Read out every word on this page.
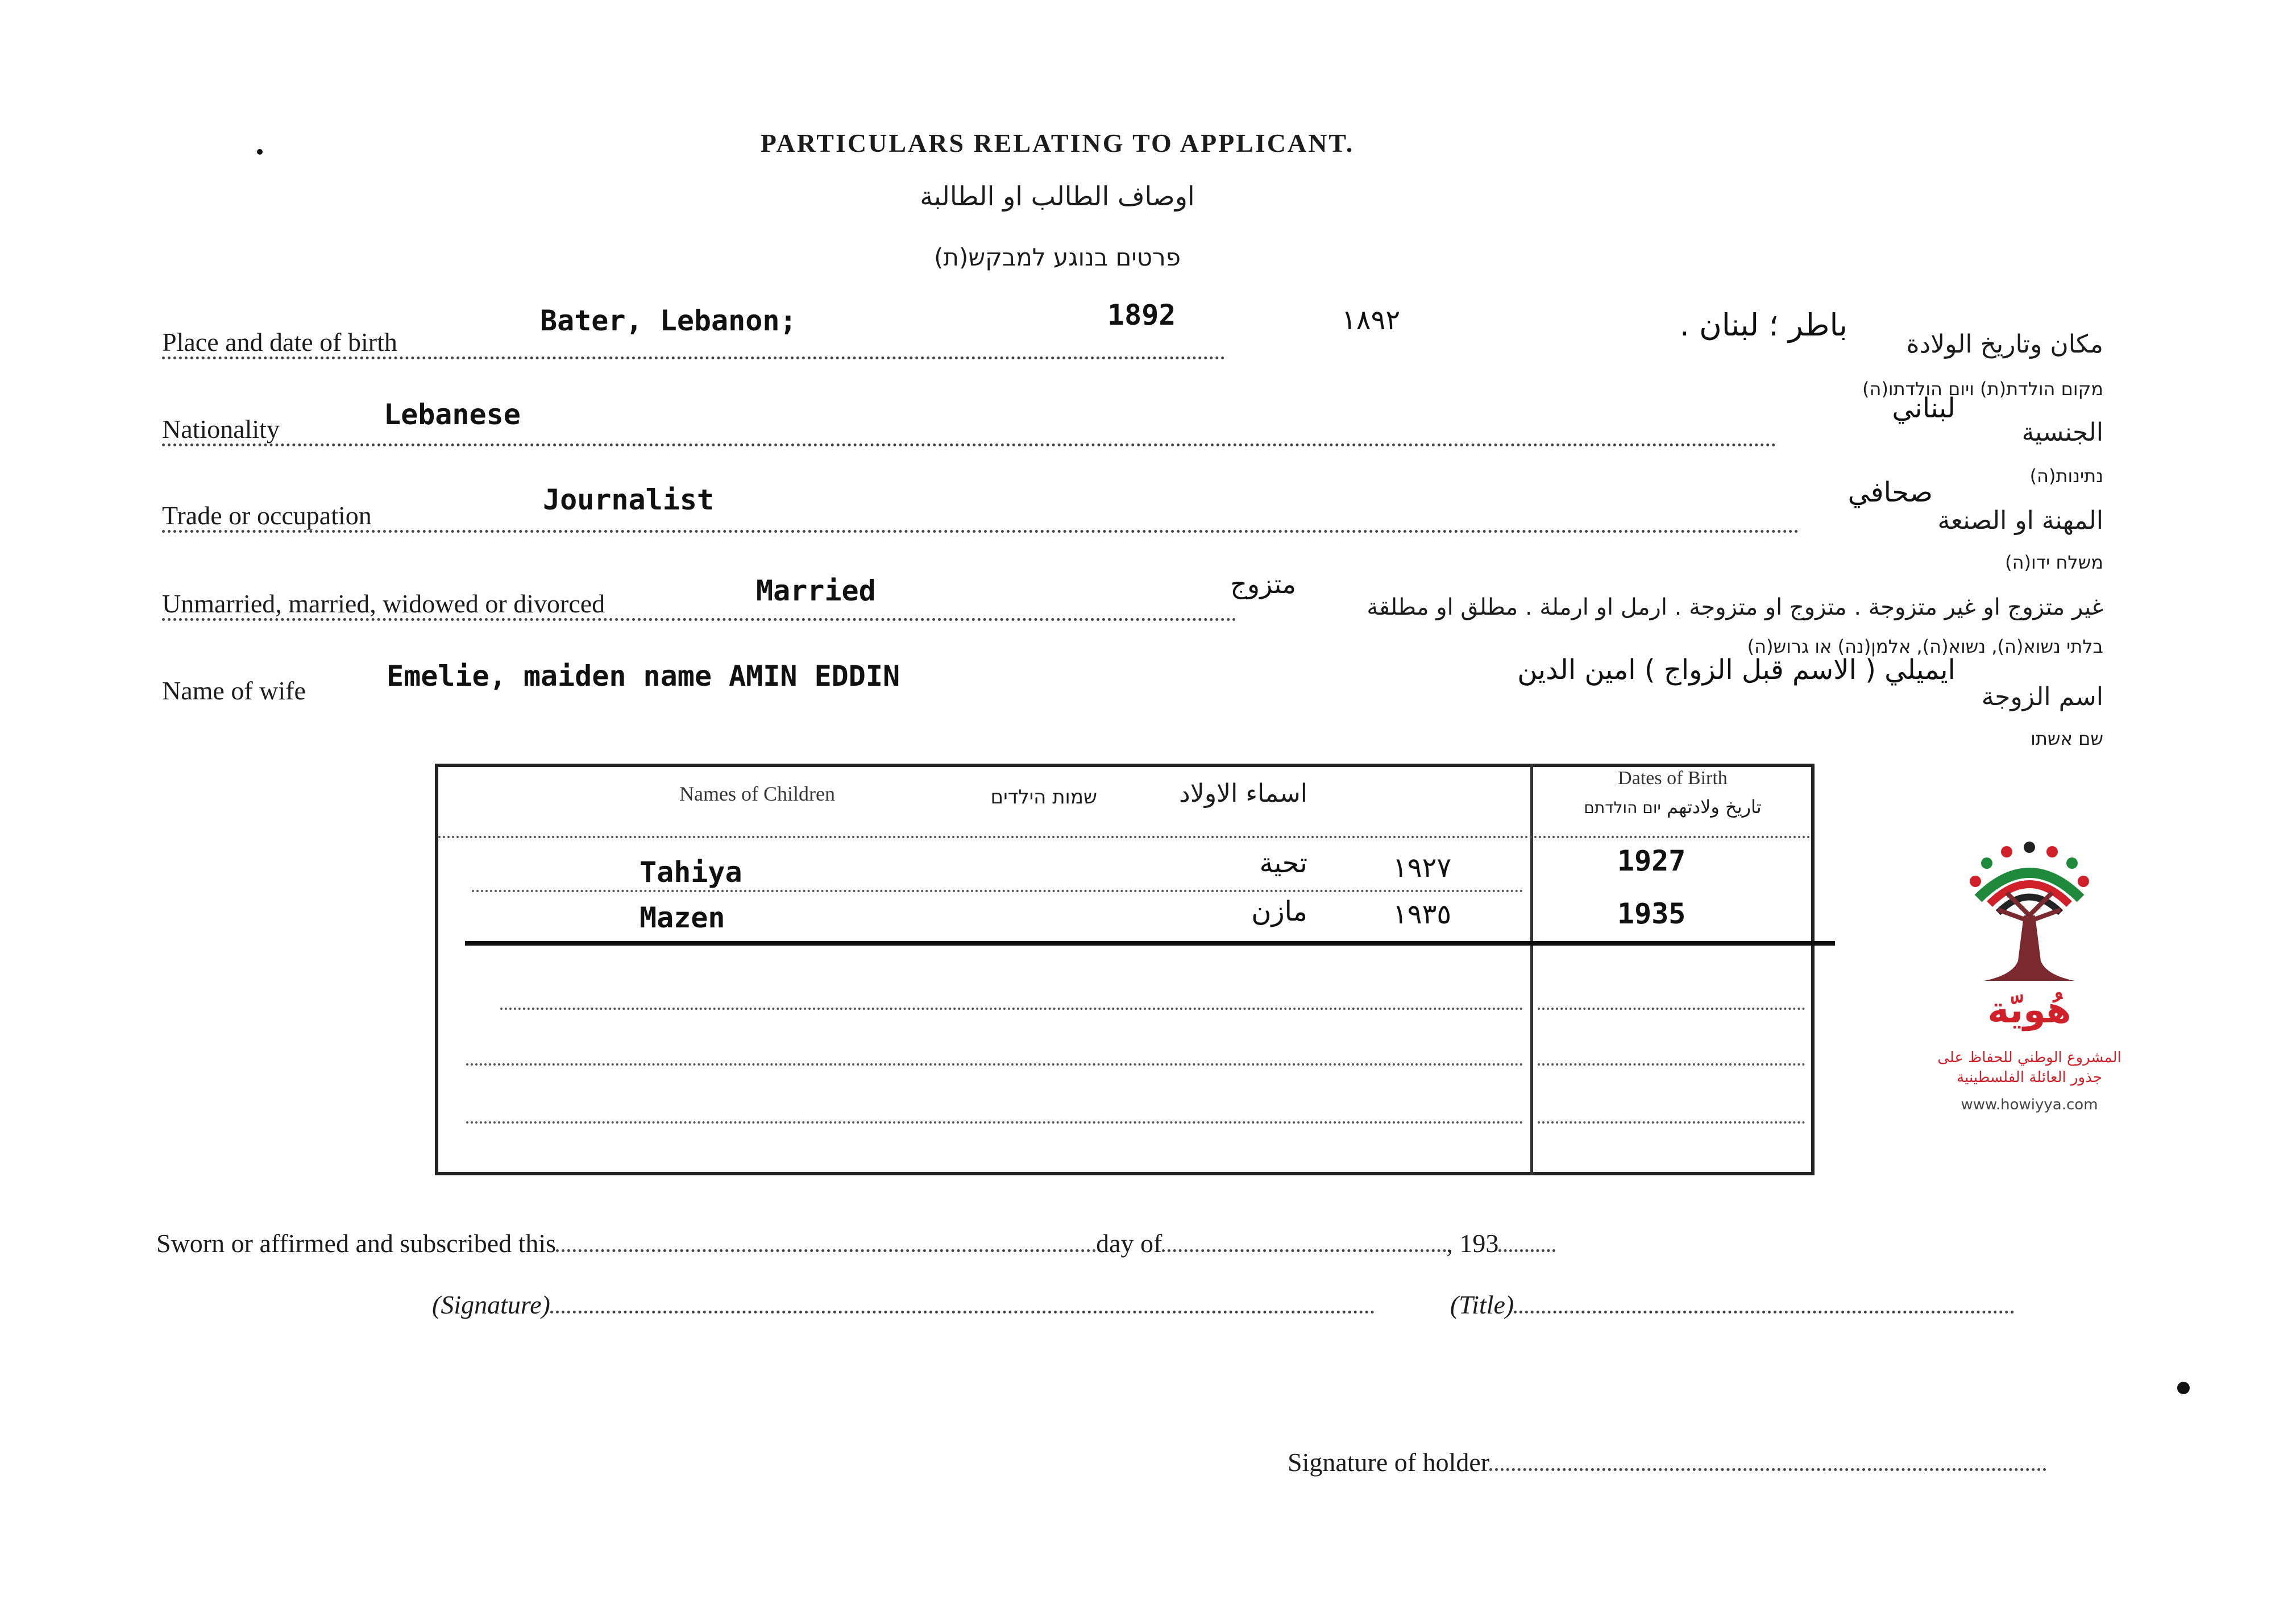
PARTICULARS RELATING TO APPLICANT.
اوصاف الطالب او الطالبة
פרטים בנוגע למבקש(ת)
Place and date of birth
Bater, Lebanon;	1892	١٨٩٢	باطر ؛ لبنان .
مكان وتاريخ الولادة
מקום הולדת(ת) ויום הולדתו(ה)
Nationality	Lebanese	لبناني
الجنسية
נתינות(ה)
Trade or occupation	Journalist	صحافي
المهنة او الصنعة
משלח ידו(ה)
Unmarried, married, widowed or divorced	Married	متزوج
غير متزوج او غير متزوجة . متزوج او متزوجة . ارمل او ارملة . مطلق او مطلقة
בלתי נשוא(ה), נשוא(ה), אלמן(נה) או גרוש(ה)
Name of wife	Emelie, maiden name AMIN EDDIN	ايميلي ( الاسم قبل الزواج ) امين الدين
اسم الزوجة
שם אשתו
Names of Children	שמות הילדים	اسماء الاولاد
Dates of Birth
تاريخ ولادتهم יום הולדתם
Tahiya	تحية	١٩٢٧	1927
Mazen	مازن	١٩٣٥	1935
Sworn or affirmed and subscribed this	day of	, 193
(Signature)	(Title)
Signature of holder
هُويّة
المشروع الوطني للحفاظ على
جذور العائلة الفلسطينية
www.howiyya.com
